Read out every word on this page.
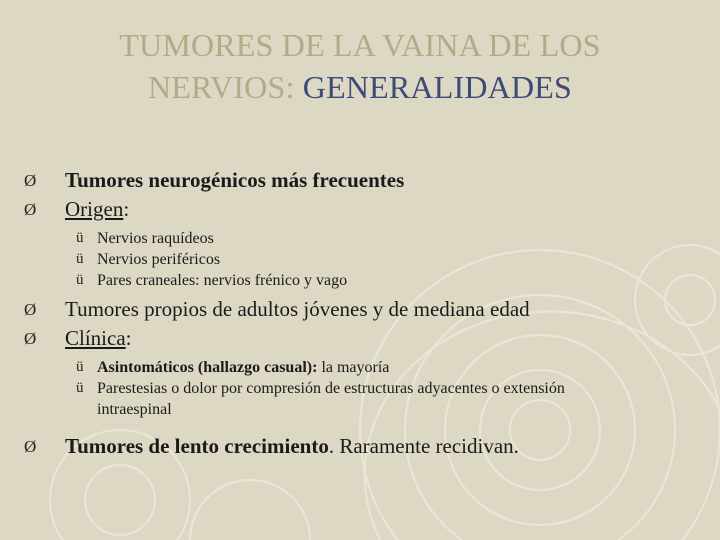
TUMORES DE LA VAINA DE LOS
NERVIOS: GENERALIDADES
Ø Tumores neurogénicos más frecuentes
Ø Origen:
ü Nervios raquídeos
ü Nervios periféricos
ü Pares craneales: nervios frénico y vago
Ø Tumores propios de adultos jóvenes y de mediana edad
Ø Clínica:
ü Asintomáticos (hallazgo casual): la mayoría
ü Parestesias o dolor por compresión de estructuras adyacentes o extensión
intraespinal
Ø Tumores de lento crecimiento. Raramente recidivan.
